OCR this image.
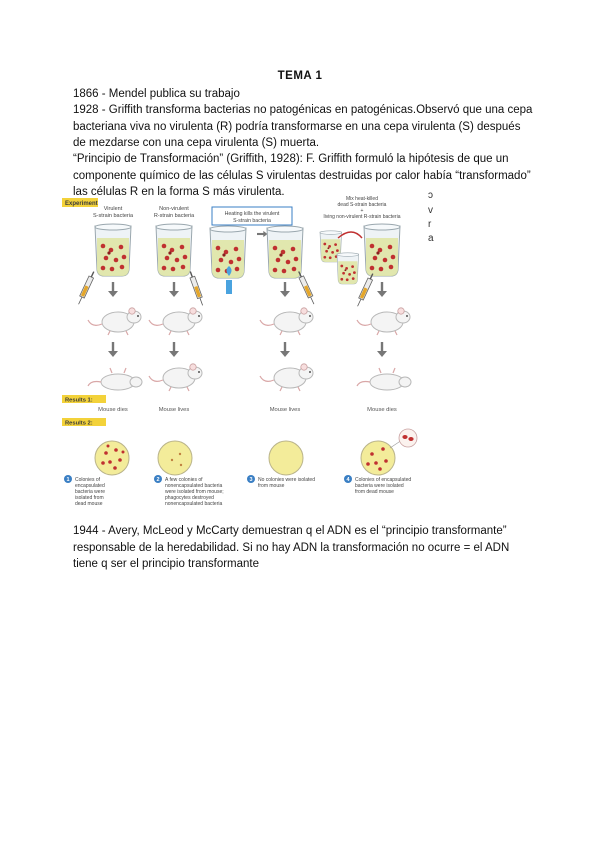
TEMA 1
1866 - Mendel publica su trabajo
1928 - Griffith transforma bacterias no patogénicas en patogénicas.Observó que una cepa bacteriana viva no virulenta (R) podría transformarse en una cepa virulenta (S) después de mezdarse con una cepa virulenta (S) muerta.
“Principio de Transformación” (Griffith, 1928): F. Griffith formuló la hipótesis de que un componente químico de las células S virulentas destruidas por calor había “transformado” las células R en la forma S más virulenta.	ɔ
v
r
a
Experiment
Virulent
S-strain bacteria
Non-virulent
R-strain bacteria	Heating kills the virulent
S-strain bacteria
Mix heat-killed
dead S-strain bacteria
+
living non-virulent R-strain bacteria
Results 1:
Mouse dies	Mouse lives	Mouse lives	Mouse dies
Results 2:
1 Colonies of
encapsulated
bacteria were
isolated from
dead mouse
2 A few colonies of
nonencapsulated bacteria
were isolated from mouse;
phagocytes destroyed
nonencapsulated bacteria
3 No colonies were isolated
from mouse
4 Colonies of encapsulated
bacteria were isolated
from dead mouse
1944 - Avery, McLeod y McCarty demuestran q el ADN es el “principio transformante” responsable de la heredabilidad. Si no hay ADN la transformación no ocurre = el ADN tiene q ser el principio transformante
